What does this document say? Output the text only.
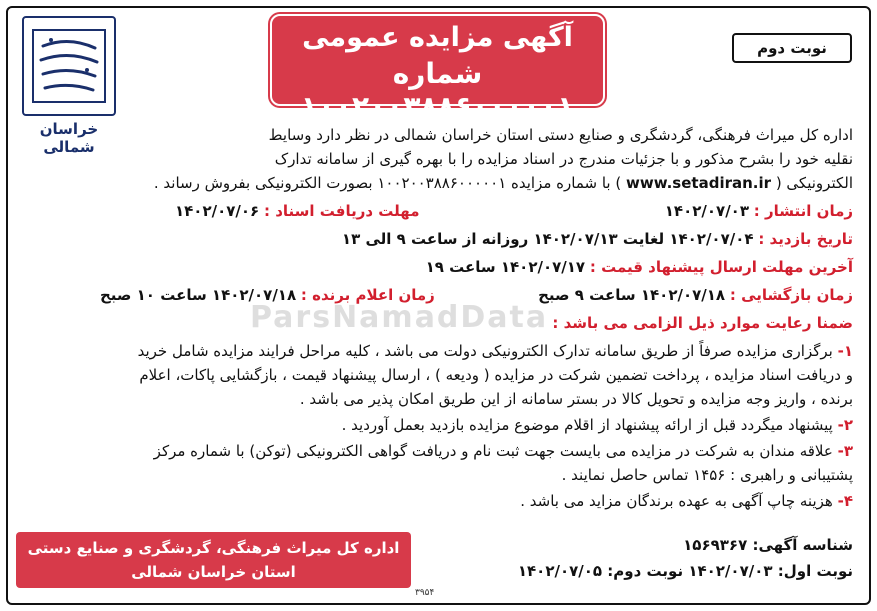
ParsNamadData
خراسان شمالی
آگهی مزایده عمومی
شماره ۱۰۰۲۰۰۳۸۸۶۰۰۰۰۰۱
نوبت دوم
اداره کل میراث فرهنگی، گردشگری و صنایع دستی استان خراسان شمالی در نظر دارد وسایط
نقلیه خود را بشرح مذکور و با جزئیات مندرج در اسناد مزایده را با بهره گیری از سامانه تدارک
الکترونیکی ( www.setadiran.ir ) با شماره مزایده ۱۰۰۲۰۰۳۸۸۶۰۰۰۰۰۱ بصورت الکترونیکی بفروش رساند .
زمان انتشار : ۱۴۰۲/۰۷/۰۳
مهلت دریافت اسناد : ۱۴۰۲/۰۷/۰۶
تاریخ بازدید : ۱۴۰۲/۰۷/۰۴ لغایت ۱۴۰۲/۰۷/۱۳ روزانه از ساعت ۹ الی ۱۳
آخرین مهلت ارسال پیشنهاد قیمت : ۱۴۰۲/۰۷/۱۷ ساعت ۱۹
زمان بازگشایی : ۱۴۰۲/۰۷/۱۸ ساعت ۹ صبح
زمان اعلام برنده : ۱۴۰۲/۰۷/۱۸ ساعت ۱۰ صبح
ضمنا رعایت موارد ذیل الزامی می باشد :
۱- برگزاری مزایده صرفاً از طریق سامانه تدارک الکترونیکی دولت می باشد ، کلیه مراحل فرایند مزایده شامل خرید
و دریافت اسناد مزایده ، پرداخت تضمین شرکت در مزایده ( ودیعه ) ، ارسال پیشنهاد قیمت ، بازگشایی پاکات، اعلام
برنده ، واریز وجه مزایده و تحویل کالا در بستر سامانه از این طریق امکان پذیر می باشد .
۲- پیشنهاد میگردد قبل از ارائه پیشنهاد از اقلام موضوع مزایده بازدید بعمل آوردید .
۳- علاقه مندان به شرکت در مزایده می بایست جهت ثبت نام و دریافت گواهی الکترونیکی (توکن) با شماره مرکز
پشتیبانی و راهبری : ۱۴۵۶ تماس حاصل نمایند .
۴- هزینه چاپ آگهی به عهده برندگان مزاید می باشد .
شناسه آگهی: ۱۵۶۹۳۶۷
نوبت اول: ۱۴۰۲/۰۷/۰۳ نوبت دوم: ۱۴۰۲/۰۷/۰۵
اداره کل میراث فرهنگی، گردشگری و صنایع دستی
استان خراسان شمالی
۳۹۵۴
